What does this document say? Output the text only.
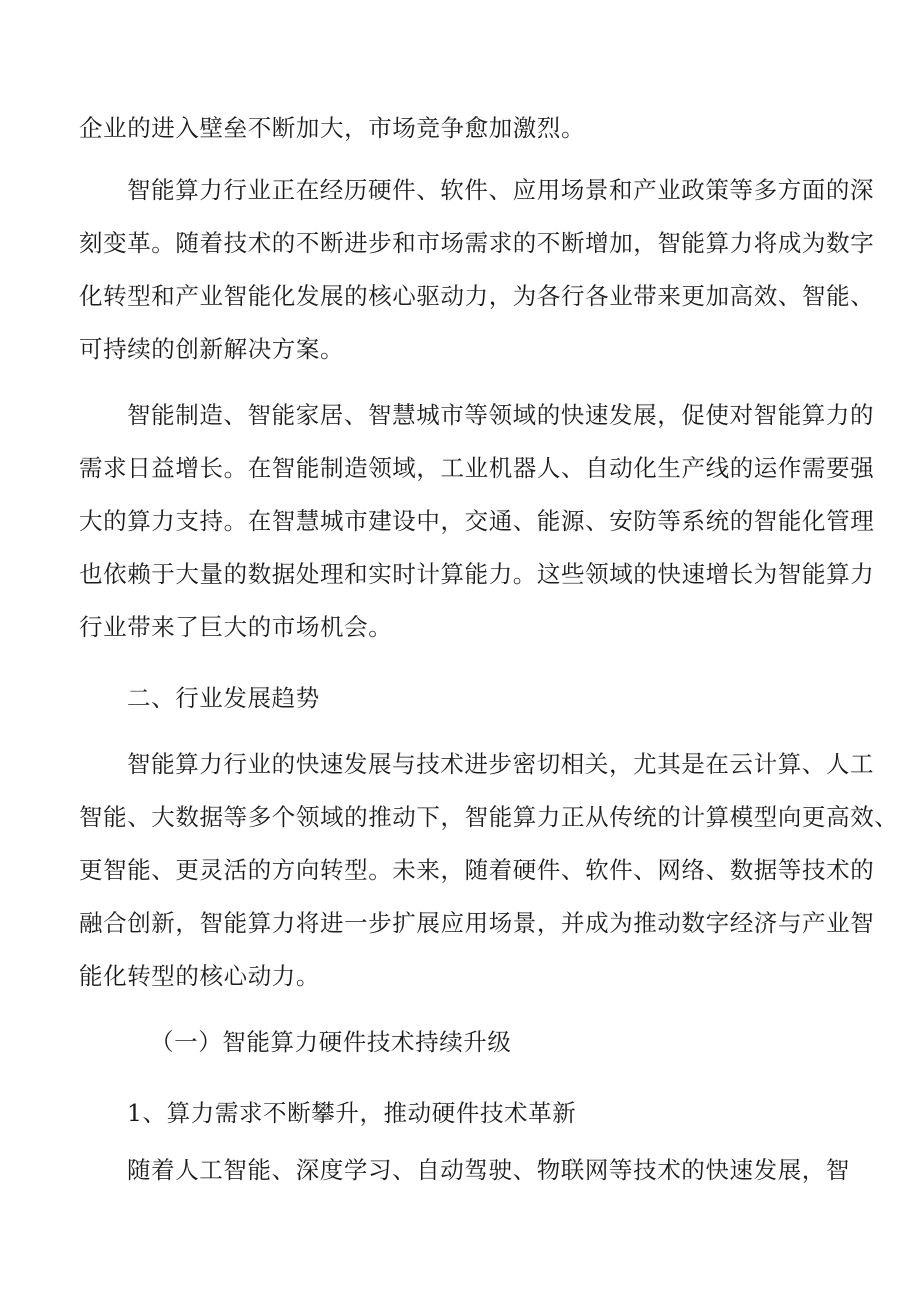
企业的进入壁垒不断加大，市场竞争愈加激烈。
智能算力行业正在经历硬件、软件、应用场景和产业政策等多方面的深
刻变革。随着技术的不断进步和市场需求的不断增加，智能算力将成为数字
化转型和产业智能化发展的核心驱动力，为各行各业带来更加高效、智能、
可持续的创新解决方案。
智能制造、智能家居、智慧城市等领域的快速发展，促使对智能算力的
需求日益增长。在智能制造领域，工业机器人、自动化生产线的运作需要强
大的算力支持。在智慧城市建设中，交通、能源、安防等系统的智能化管理
也依赖于大量的数据处理和实时计算能力。这些领域的快速增长为智能算力
行业带来了巨大的市场机会。
二、行业发展趋势
智能算力行业的快速发展与技术进步密切相关，尤其是在云计算、人工
智能、大数据等多个领域的推动下，智能算力正从传统的计算模型向更高效、
更智能、更灵活的方向转型。未来，随着硬件、软件、网络、数据等技术的
融合创新，智能算力将进一步扩展应用场景，并成为推动数字经济与产业智
能化转型的核心动力。
（一）智能算力硬件技术持续升级
1、算力需求不断攀升，推动硬件技术革新
随着人工智能、深度学习、自动驾驶、物联网等技术的快速发展，智
